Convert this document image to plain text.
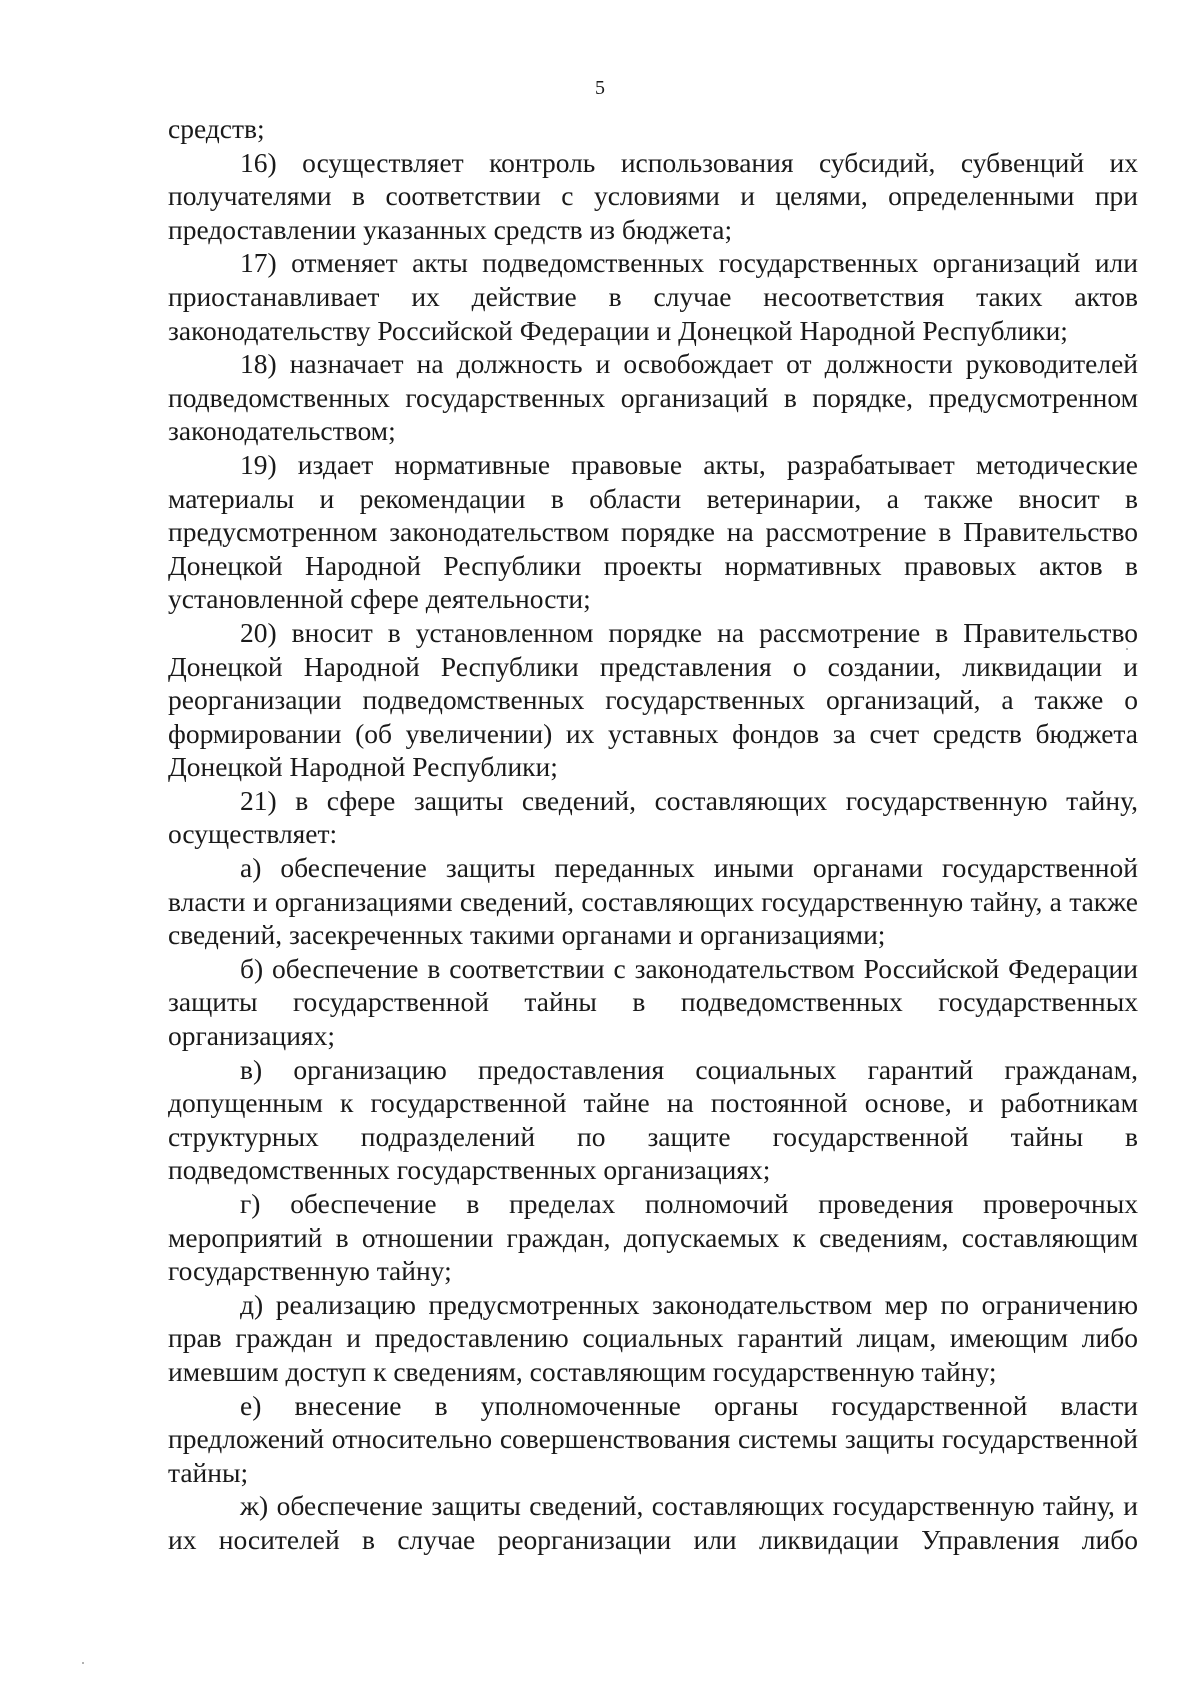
5

средств;

16) осуществляет контроль использования субсидий, субвенций их получателями в соответствии с условиями и целями, определенными при предоставлении указанных средств из бюджета;

17) отменяет акты подведомственных государственных организаций или приостанавливает их действие в случае несоответствия таких актов законодательству Российской Федерации и Донецкой Народной Республики;

18) назначает на должность и освобождает от должности руководителей подведомственных государственных организаций в порядке, предусмотренном законодательством;

19) издает нормативные правовые акты, разрабатывает методические материалы и рекомендации в области ветеринарии, а также вносит в предусмотренном законодательством порядке на рассмотрение в Правительство Донецкой Народной Республики проекты нормативных правовых актов в установленной сфере деятельности;

20) вносит в установленном порядке на рассмотрение в Правительство Донецкой Народной Республики представления о создании, ликвидации и реорганизации подведомственных государственных организаций, а также о формировании (об увеличении) их уставных фондов за счет средств бюджета Донецкой Народной Республики;

21) в сфере защиты сведений, составляющих государственную тайну, осуществляет:

а) обеспечение защиты переданных иными органами государственной власти и организациями сведений, составляющих государственную тайну, а также сведений, засекреченных такими органами и организациями;

б) обеспечение в соответствии с законодательством Российской Федерации защиты государственной тайны в подведомственных государственных организациях;

в) организацию предоставления социальных гарантий гражданам, допущенным к государственной тайне на постоянной основе, и работникам структурных подразделений по защите государственной тайны в подведомственных государственных организациях;

г) обеспечение в пределах полномочий проведения проверочных мероприятий в отношении граждан, допускаемых к сведениям, составляющим государственную тайну;

д) реализацию предусмотренных законодательством мер по ограничению прав граждан и предоставлению социальных гарантий лицам, имеющим либо имевшим доступ к сведениям, составляющим государственную тайну;

е) внесение в уполномоченные органы государственной власти предложений относительно совершенствования системы защиты государственной тайны;

ж) обеспечение защиты сведений, составляющих государственную тайну, и их носителей в случае реорганизации или ликвидации Управления либо
